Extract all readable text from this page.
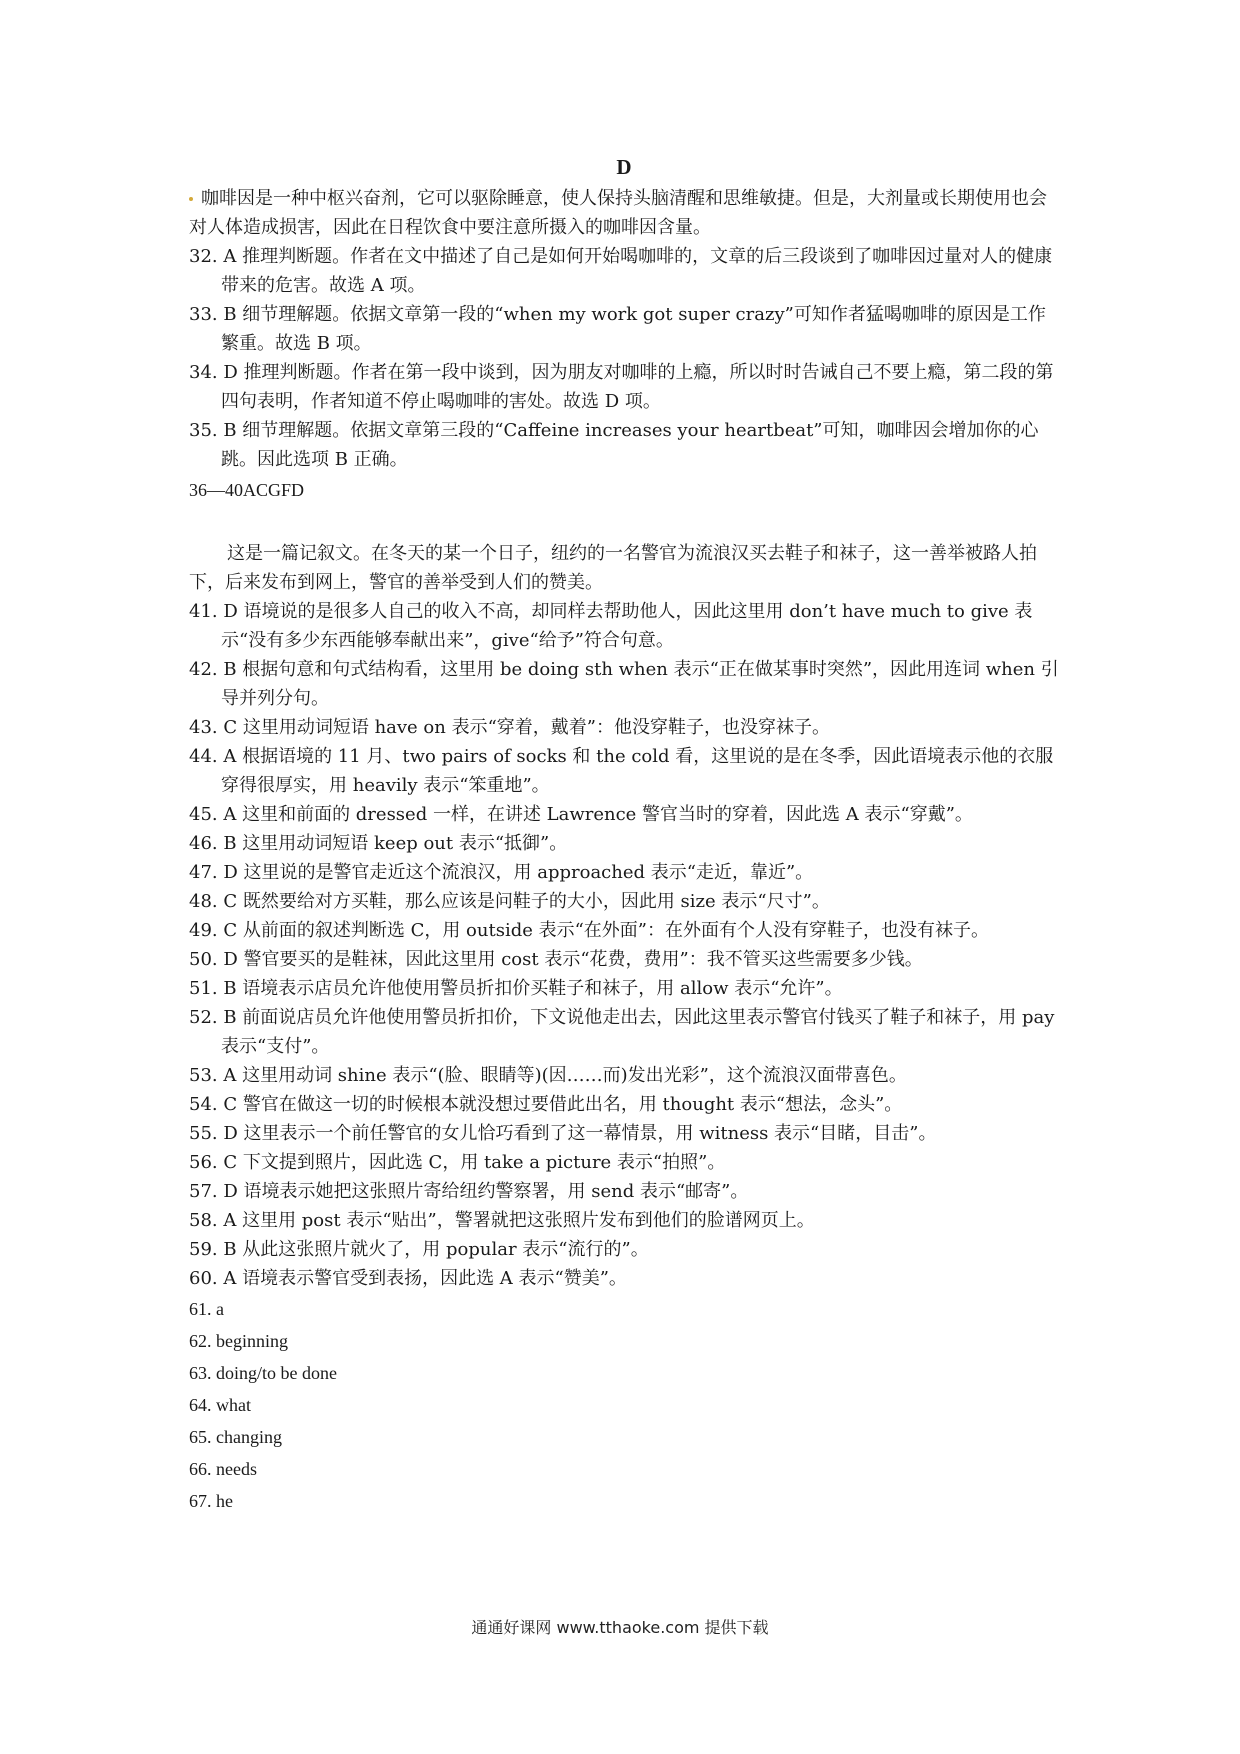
D

咖啡因是一种中枢兴奋剂，它可以驱除睡意，使人保持头脑清醒和思维敏捷。但是，大剂量或长期使用也会对人体造成损害，因此在日程饮食中要注意所摄入的咖啡因含量。

32. A 推理判断题。作者在文中描述了自己是如何开始喝咖啡的，文章的后三段谈到了咖啡因过量对人的健康带来的危害。故选 A 项。

33. B 细节理解题。依据文章第一段的“when my work got super crazy”可知作者猛喝咖啡的原因是工作繁重。故选 B 项。

34. D 推理判断题。作者在第一段中谈到，因为朋友对咖啡的上瘾，所以时时告诫自己不要上瘾，第二段的第四句表明，作者知道不停止喝咖啡的害处。故选 D 项。

35. B 细节理解题。依据文章第三段的“Caffeine increases your heartbeat”可知，咖啡因会增加你的心跳。因此选项 B 正确。

36—40ACGFD

这是一篇记叙文。在冬天的某一个日子，纽约的一名警官为流浪汉买去鞋子和袜子，这一善举被路人拍下，后来发布到网上，警官的善举受到人们的赞美。

41. D 语境说的是很多人自己的收入不高，却同样去帮助他人，因此这里用 don’t have much to give 表示“没有多少东西能够奉献出来”，give“给予”符合句意。

42. B 根据句意和句式结构看，这里用 be doing sth when 表示“正在做某事时突然”，因此用连词 when 引导并列分句。

43. C 这里用动词短语 have on 表示“穿着，戴着”：他没穿鞋子，也没穿袜子。

44. A 根据语境的 11 月、two pairs of socks 和 the cold 看，这里说的是在冬季，因此语境表示他的衣服穿得很厚实，用 heavily 表示“笨重地”。

45. A 这里和前面的 dressed 一样，在讲述 Lawrence 警官当时的穿着，因此选 A 表示“穿戴”。

46. B 这里用动词短语 keep out 表示“抵御”。

47. D 这里说的是警官走近这个流浪汉，用 approached 表示“走近，靠近”。

48. C 既然要给对方买鞋，那么应该是问鞋子的大小，因此用 size 表示“尺寸”。

49. C 从前面的叙述判断选 C，用 outside 表示“在外面”：在外面有个人没有穿鞋子，也没有袜子。

50. D 警官要买的是鞋袜，因此这里用 cost 表示“花费，费用”：我不管买这些需要多少钱。

51. B 语境表示店员允许他使用警员折扣价买鞋子和袜子，用 allow 表示“允许”。

52. B 前面说店员允许他使用警员折扣价，下文说他走出去，因此这里表示警官付钱买了鞋子和袜子，用 pay 表示“支付”。

53. A 这里用动词 shine 表示“(脸、眼睛等)(因……而)发出光彩”，这个流浪汉面带喜色。

54. C 警官在做这一切的时候根本就没想过要借此出名，用 thought 表示“想法，念头”。

55. D 这里表示一个前任警官的女儿恰巧看到了这一幕情景，用 witness 表示“目睹，目击”。

56. C 下文提到照片，因此选 C，用 take a picture 表示“拍照”。

57. D 语境表示她把这张照片寄给纽约警察署，用 send 表示“邮寄”。

58. A 这里用 post 表示“贴出”，警署就把这张照片发布到他们的脸谱网页上。

59. B 从此这张照片就火了，用 popular 表示“流行的”。

60. A 语境表示警官受到表扬，因此选 A 表示“赞美”。

61. a

62. beginning

63. doing/to be done

64. what

65. changing

66. needs

67. he

通通好课网 www.tthaoke.com 提供下载
